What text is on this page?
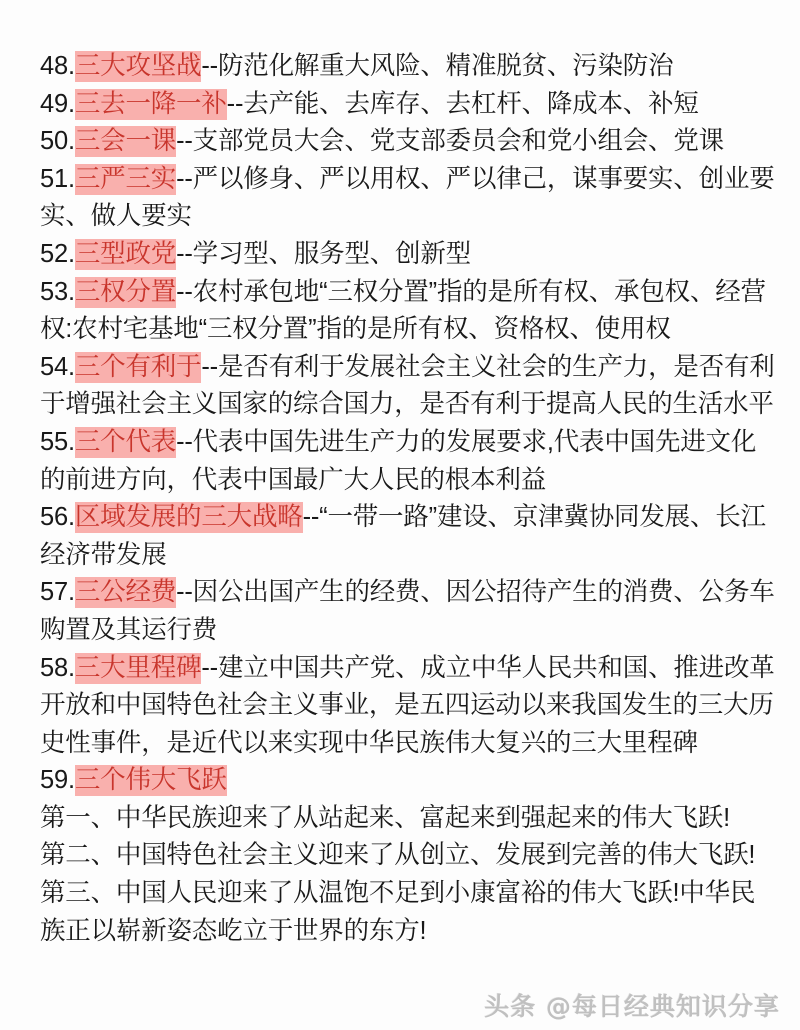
48.三大攻坚战--防范化解重大风险、精准脱贫、污染防治

49.三去一降一补--去产能、去库存、去杠杆、降成本、补短

50.三会一课--支部党员大会、党支部委员会和党小组会、党课

51.三严三实--严以修身、严以用权、严以律己，谋事要实、创业要实、做人要实

52.三型政党--学习型、服务型、创新型

53.三权分置--农村承包地“三权分置”指的是所有权、承包权、经营权:农村宅基地“三权分置”指的是所有权、资格权、使用权

54.三个有利于--是否有利于发展社会主义社会的生产力，是否有利于增强社会主义国家的综合国力，是否有利于提高人民的生活水平

55.三个代表--代表中国先进生产力的发展要求,代表中国先进文化的前进方向，代表中国最广大人民的根本利益

56.区域发展的三大战略--“一带一路”建设、京津冀协同发展、长江经济带发展

57.三公经费--因公出国产生的经费、因公招待产生的消费、公务车购置及其运行费

58.三大里程碑--建立中国共产党、成立中华人民共和国、推进改革开放和中国特色社会主义事业，是五四运动以来我国发生的三大历史性事件，是近代以来实现中华民族伟大复兴的三大里程碑

59.三个伟大飞跃

第一、中华民族迎来了从站起来、富起来到强起来的伟大飞跃!

第二、中国特色社会主义迎来了从创立、发展到完善的伟大飞跃!

第三、中国人民迎来了从温饱不足到小康富裕的伟大飞跃!中华民族正以崭新姿态屹立于世界的东方!

头条 @每日经典知识分享
